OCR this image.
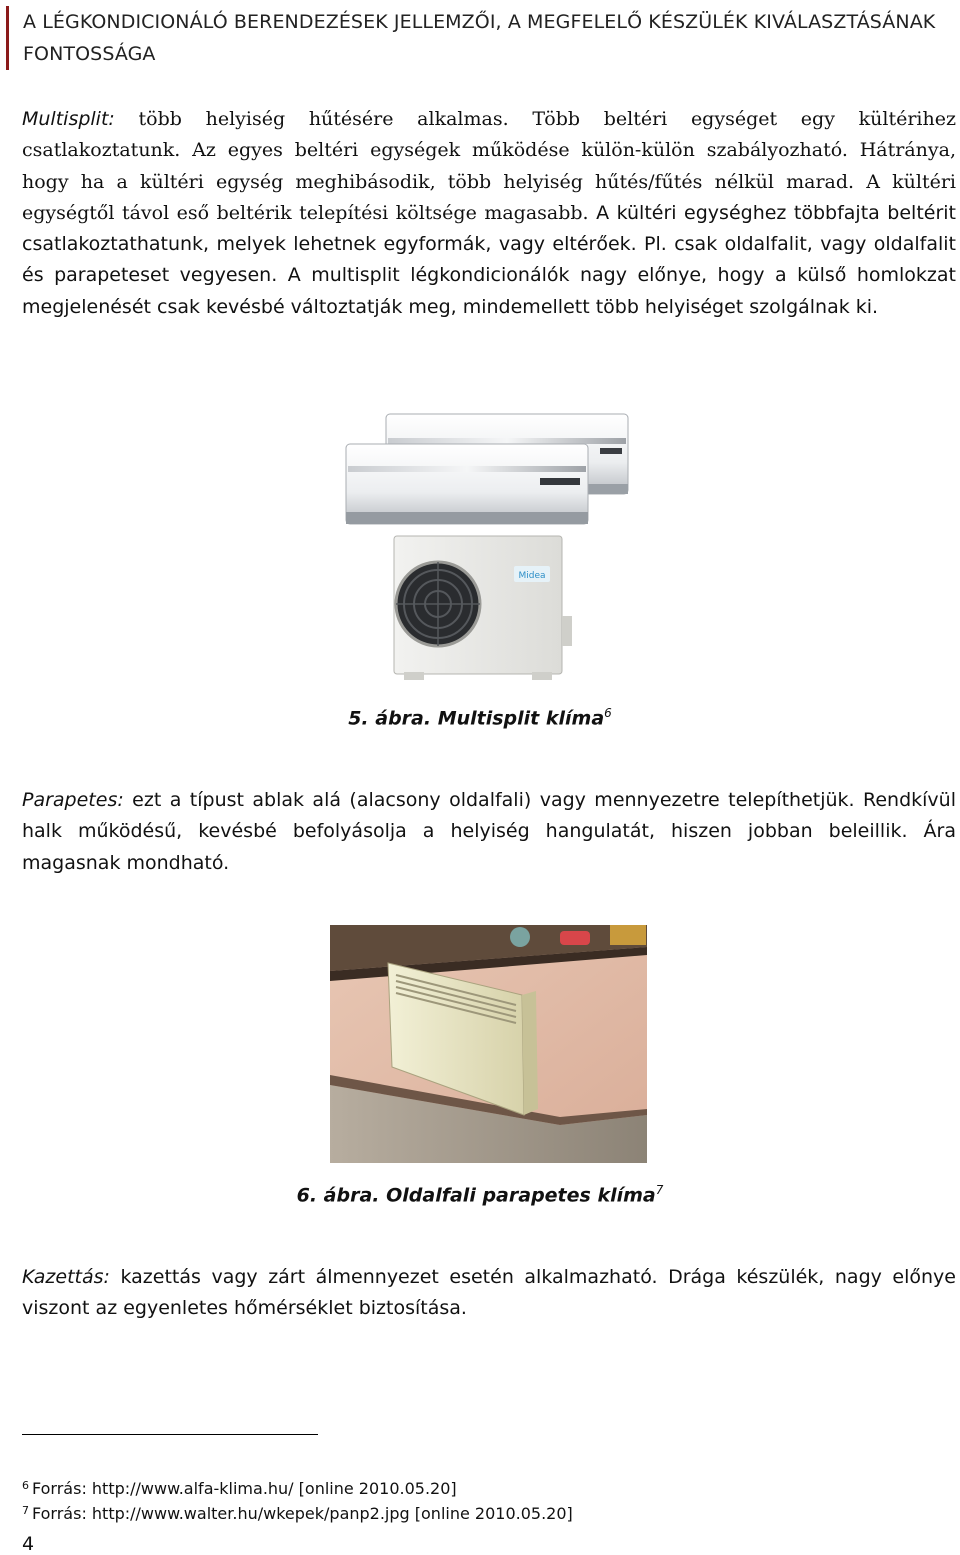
A LÉGKONDICIONÁLÓ BERENDEZÉSEK JELLEMZŐI, A MEGFELELŐ KÉSZÜLÉK KIVÁLASZTÁSÁNAK
FONTOSSÁGA
Multisplit: több helyiség hűtésére alkalmas. Több beltéri egységet egy kültérihez csatlakoztatunk. Az egyes beltéri egységek működése külön-külön szabályozható. Hátránya, hogy ha a kültéri egység meghibásodik, több helyiség hűtés/fűtés nélkül marad. A kültéri egységtől távol eső beltérik telepítési költsége magasabb. A kültéri egységhez többfajta beltérit csatlakoztathatunk, melyek lehetnek egyformák, vagy eltérőek. Pl. csak oldalfalit, vagy oldalfalit és parapeteset vegyesen. A multisplit légkondicionálók nagy előnye, hogy a külső homlokzat megjelenését csak kevésbé változtatják meg, mindemellett több helyiséget szolgálnak ki.
Midea
5. ábra. Multisplit klíma$^6$
Parapetes: ezt a típust ablak alá (alacsony oldalfali) vagy mennyezetre telepíthetjük. Rendkívül halk működésű, kevésbé befolyásolja a helyiség hangulatát, hiszen jobban beleillik. Ára magasnak mondható.
6. ábra. Oldalfali parapetes klíma$^7$
Kazettás: kazettás vagy zárt álmennyezet esetén alkalmazható. Drága készülék, nagy előnye viszont az egyenletes hőmérséklet biztosítása.
$^6$ Forrás: http://www.alfa-klima.hu/ [online 2010.05.20]
$^7$ Forrás: http://www.walter.hu/wkepek/panp2.jpg [online 2010.05.20]
4
